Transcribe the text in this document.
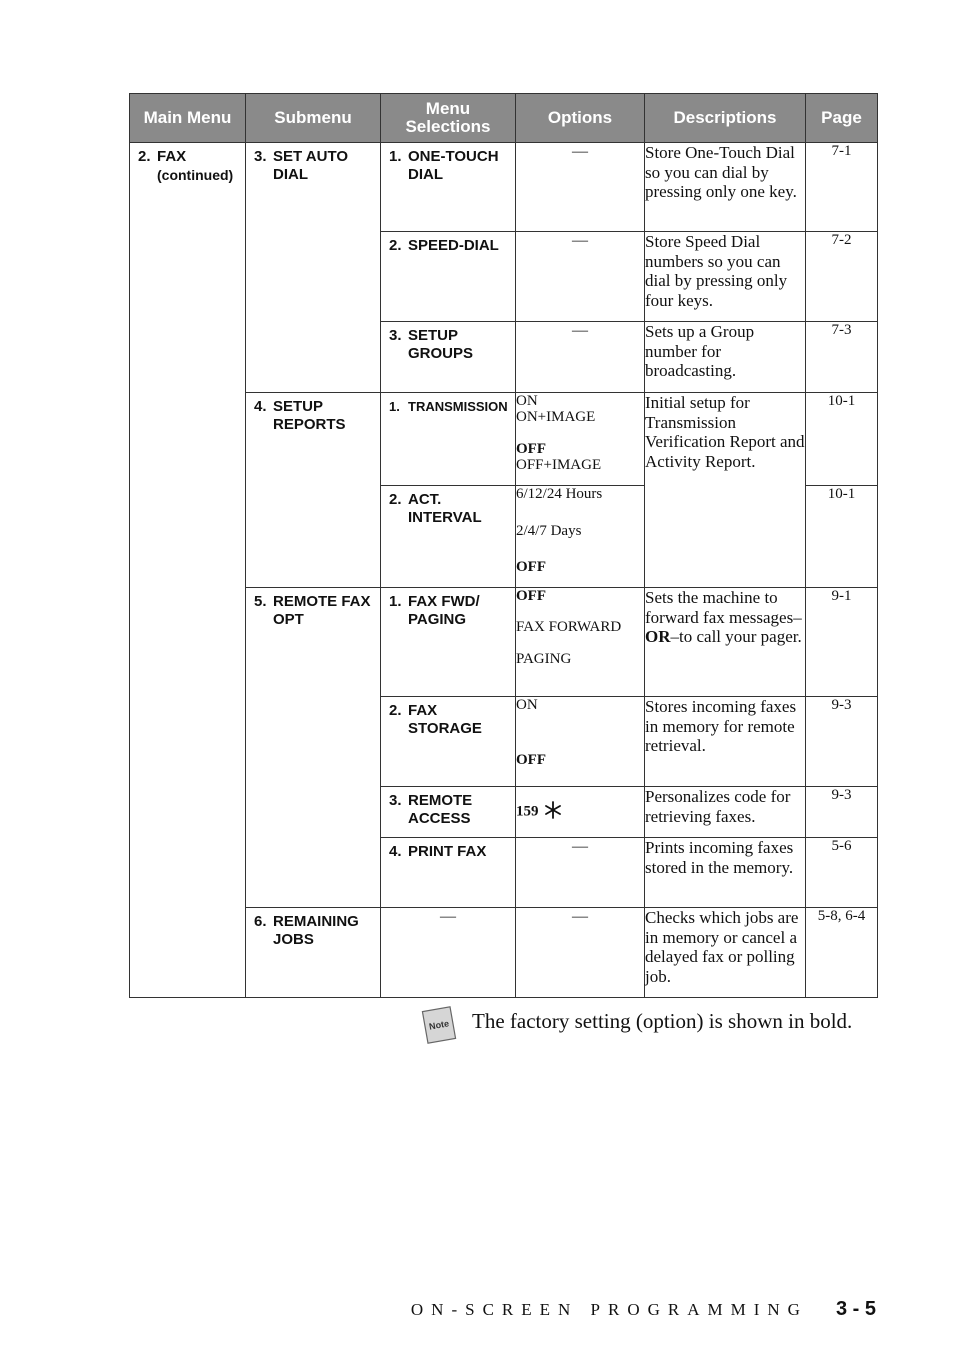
Main Menu	Submenu	Menu Selections	Options	Descriptions	Page

2. FAX
(continued)	3. SET AUTO DIAL	1. ONE-TOUCH DIAL	—	Store One-Touch Dial so you can dial by pressing only one key.	7-1

		2. SPEED-DIAL	—	Store Speed Dial numbers so you can dial by pressing only four keys.	7-2

		3. SETUP GROUPS	—	Sets up a Group number for broadcasting.	7-3

	4. SETUP REPORTS	1. TRANSMISSION	ON
ON+IMAGE
OFF
OFF+IMAGE	Initial setup for Transmission Verification Report and Activity Report.	10-1

		2. ACT. INTERVAL	6/12/24 Hours
2/4/7 Days
OFF		10-1

	5. REMOTE FAX OPT	1. FAX FWD/ PAGING	OFF
FAX FORWARD
PAGING	Sets the machine to forward fax messages–OR–to call your pager.	9-1

		2. FAX STORAGE	ON
OFF	Stores incoming faxes in memory for remote retrieval.	9-3

		3. REMOTE ACCESS	159	Personalizes code for retrieving faxes.	9-3

		4. PRINT FAX	—	Prints incoming faxes stored in the memory.	5-6

	6. REMAINING JOBS	—	—	Checks which jobs are in memory or cancel a delayed fax or polling job.	5-8, 6-4
Note The factory setting (option) is shown in bold.
ON-SCREEN PROGRAMMING 3 - 5
